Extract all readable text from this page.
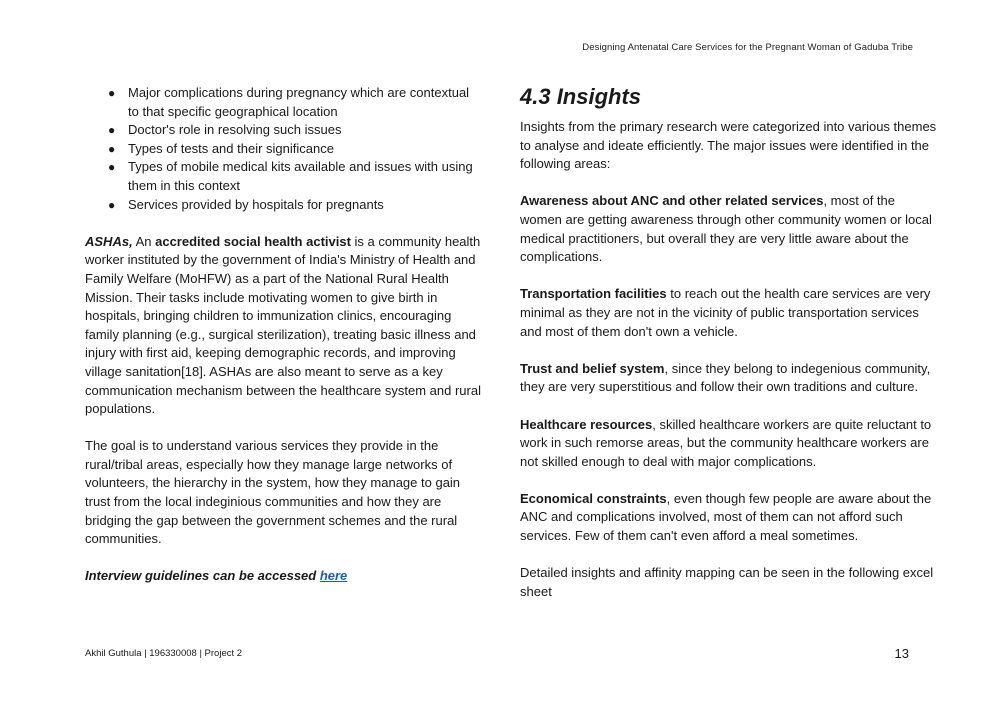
Designing Antenatal Care Services for the Pregnant Woman of Gaduba Tribe
● Major complications during pregnancy which are contextual to that specific geographical location
● Doctor's role in resolving such issues
● Types of tests and their significance
● Types of mobile medical kits available and issues with using them in this context
● Services provided by hospitals for pregnants

ASHAs, An accredited social health activist is a community health worker instituted by the government of India's Ministry of Health and Family Welfare (MoHFW) as a part of the National Rural Health Mission. Their tasks include motivating women to give birth in hospitals, bringing children to immunization clinics, encouraging family planning (e.g., surgical sterilization), treating basic illness and injury with first aid, keeping demographic records, and improving village sanitation[18]. ASHAs are also meant to serve as a key communication mechanism between the healthcare system and rural populations.

The goal is to understand various services they provide in the rural/tribal areas, especially how they manage large networks of volunteers, the hierarchy in the system, how they manage to gain trust from the local indeginious communities and how they are bridging the gap between the government schemes and the rural communities.

Interview guidelines can be accessed here

4.3 Insights

Insights from the primary research were categorized into various themes to analyse and ideate efficiently. The major issues were identified in the following areas:

Awareness about ANC and other related services, most of the women are getting awareness through other community women or local medical practitioners, but overall they are very little aware about the complications.

Transportation facilities to reach out the health care services are very minimal as they are not in the vicinity of public transportation services and most of them don't own a vehicle.

Trust and belief system, since they belong to indegenious community, they are very superstitious and follow their own traditions and culture.

Healthcare resources, skilled healthcare workers are quite reluctant to work in such remorse areas, but the community healthcare workers are not skilled enough to deal with major complications.

Economical constraints, even though few people are aware about the ANC and complications involved, most of them can not afford such services. Few of them can't even afford a meal sometimes.

Detailed insights and affinity mapping can be seen in the following excel sheet

Akhil Guthula | 196330008 | Project 2	13
